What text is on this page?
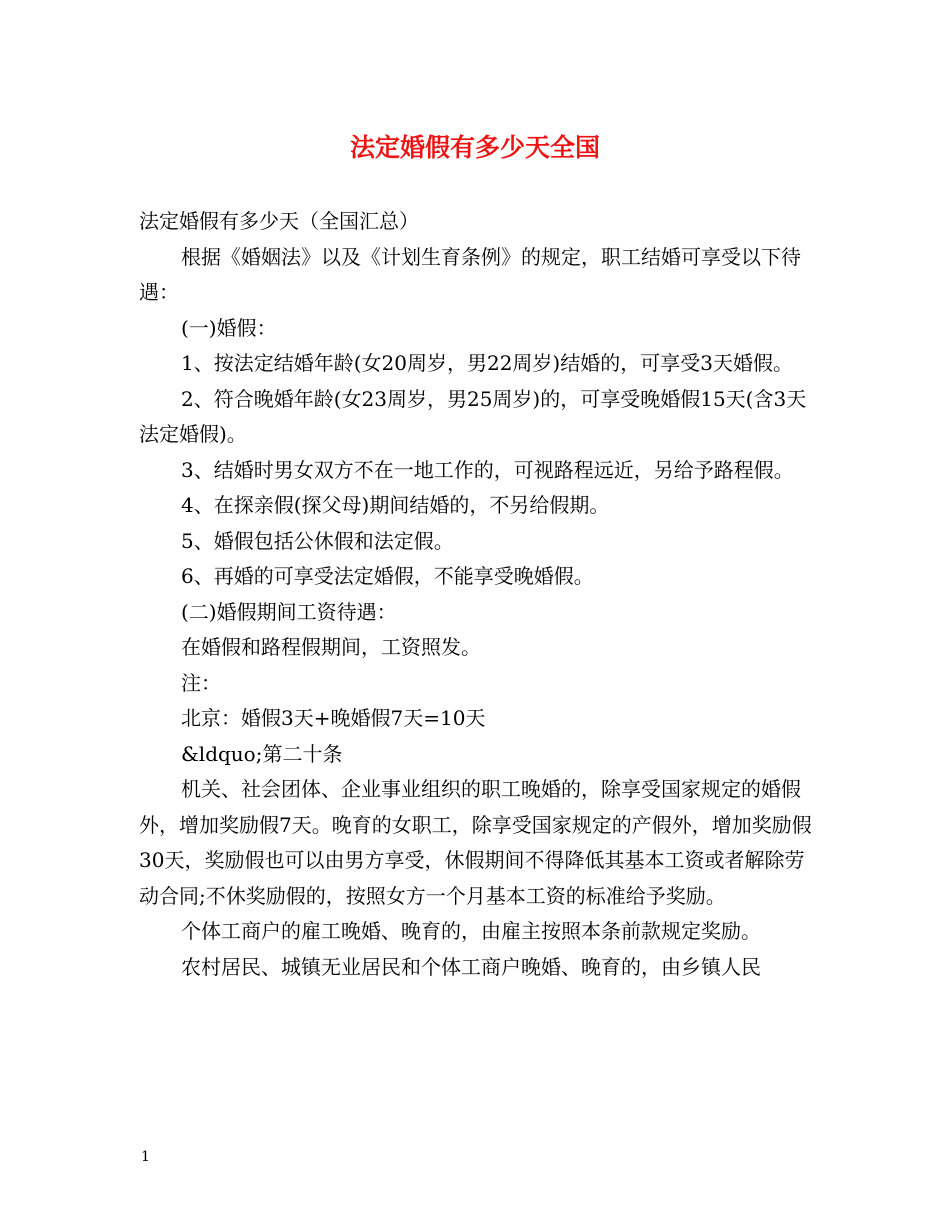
法定婚假有多少天全国

法定婚假有多少天（全国汇总）

根据《婚姻法》以及《计划生育条例》的规定，职工结婚可享受以下待遇：

(一)婚假：

1、按法定结婚年龄(女20周岁，男22周岁)结婚的，可享受3天婚假。

2、符合晚婚年龄(女23周岁，男25周岁)的，可享受晚婚假15天(含3天法定婚假)。

3、结婚时男女双方不在一地工作的，可视路程远近，另给予路程假。

4、在探亲假(探父母)期间结婚的，不另给假期。

5、婚假包括公休假和法定假。

6、再婚的可享受法定婚假，不能享受晚婚假。

(二)婚假期间工资待遇：

在婚假和路程假期间，工资照发。

注：

北京：婚假3天+晚婚假7天=10天

&ldquo;第二十条

机关、社会团体、企业事业组织的职工晚婚的，除享受国家规定的婚假外，增加奖励假7天。晚育的女职工，除享受国家规定的产假外，增加奖励假30天，奖励假也可以由男方享受，休假期间不得降低其基本工资或者解除劳动合同;不休奖励假的，按照女方一个月基本工资的标准给予奖励。

个体工商户的雇工晚婚、晚育的，由雇主按照本条前款规定奖励。

农村居民、城镇无业居民和个体工商户晚婚、晚育的，由乡镇人民

1
